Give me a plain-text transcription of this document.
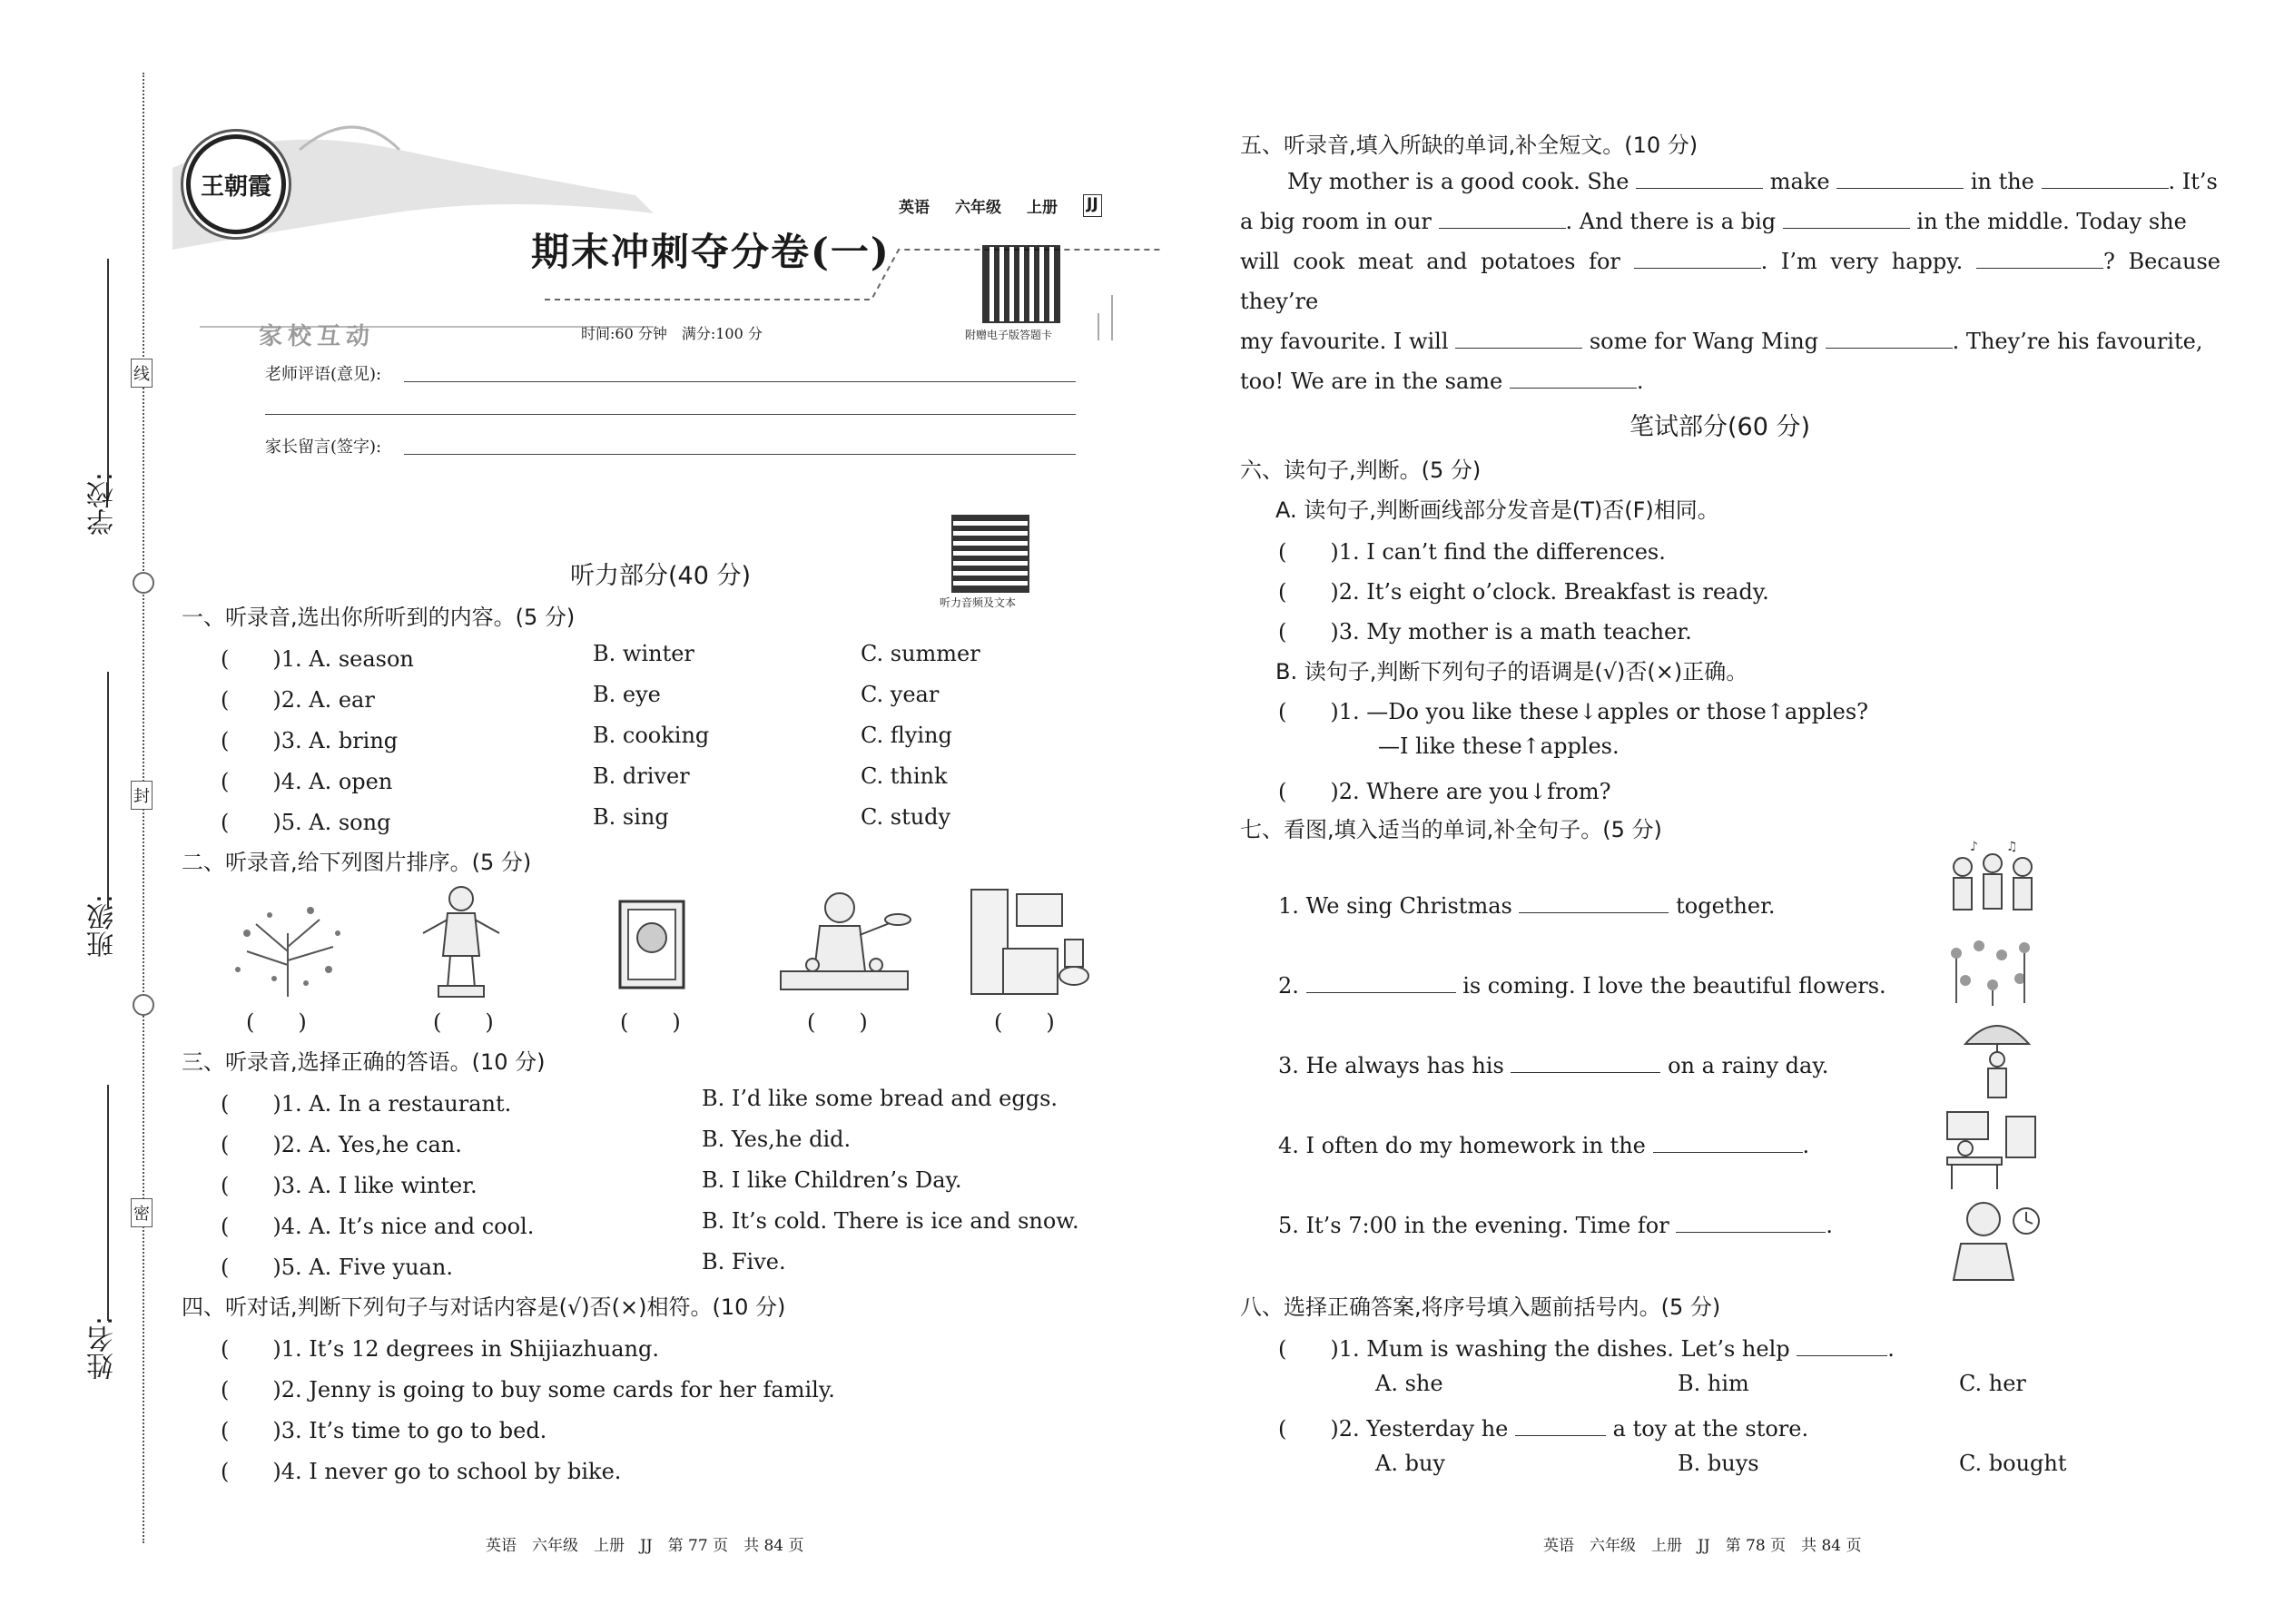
学校:
线
班级:
封
姓名:
密
王朝霞
英语 六年级 上册 JJ
期末冲刺夺分卷(一)
附赠电子版答题卡
家校互动	时间:60 分钟　满分:100 分
老师评语(意见):
家长留言(签字):
听力音频及文本
听力部分(40 分)
一、听录音,选出你所听到的内容。(5 分)
(　　)1. A. season	B. winter	C. summer
(　　)2. A. ear	B. eye	C. year
(　　)3. A. bring	B. cooking	C. flying
(　　)4. A. open	B. driver	C. think
(　　)5. A. song	B. sing	C. study
二、听录音,给下列图片排序。(5 分)
(　　)	(　　)	(　　)	(　　)	(　　)
三、听录音,选择正确的答语。(10 分)
(　　)1. A. In a restaurant.	B. I’d like some bread and eggs.
(　　)2. A. Yes,he can.	B. Yes,he did.
(　　)3. A. I like winter.	B. I like Children’s Day.
(　　)4. A. It’s nice and cool.	B. It’s cold. There is ice and snow.
(　　)5. A. Five yuan.	B. Five.
四、听对话,判断下列句子与对话内容是(√)否(×)相符。(10 分)
(　　)1. It’s 12 degrees in Shijiazhuang.
(　　)2. Jenny is going to buy some cards for her family.
(　　)3. It’s time to go to bed.
(　　)4. I never go to school by bike.
英语　六年级　上册　JJ　第 77 页　共 84 页
五、听录音,填入所缺的单词,补全短文。(10 分)
My mother is a good cook. She	make	in the	. It’s
a big room in our	. And there is a big	in the middle. Today she
will cook meat and potatoes for	. I’m very happy.	? Because they’re
my favourite. I will	some for Wang Ming	. They’re his favourite,
too! We are in the same	.
笔试部分(60 分)
六、读句子,判断。(5 分)
A. 读句子,判断画线部分发音是(T)否(F)相同。
(　　)1. I can’t find the differences.
(　　)2. It’s eight o’clock. Breakfast is ready.
(　　)3. My mother is a math teacher.
B. 读句子,判断下列句子的语调是(√)否(×)正确。
(　　)1. —Do you like these↓apples or those↑apples?
—I like these↑apples.
(　　)2. Where are you↓from?
七、看图,填入适当的单词,补全句子。(5 分)
1. We sing Christmas	together.
2.	is coming. I love the beautiful flowers.
3. He always has his	on a rainy day.
4. I often do my homework in the	.
5. It’s 7:00 in the evening. Time for	.
♪ ♫
八、选择正确答案,将序号填入题前括号内。(5 分)
(　　)1. Mum is washing the dishes. Let’s help	.
A. she	B. him	C. her
(　　)2. Yesterday he	a toy at the store.
A. buy	B. buys	C. bought
英语　六年级　上册　JJ　第 78 页　共 84 页
